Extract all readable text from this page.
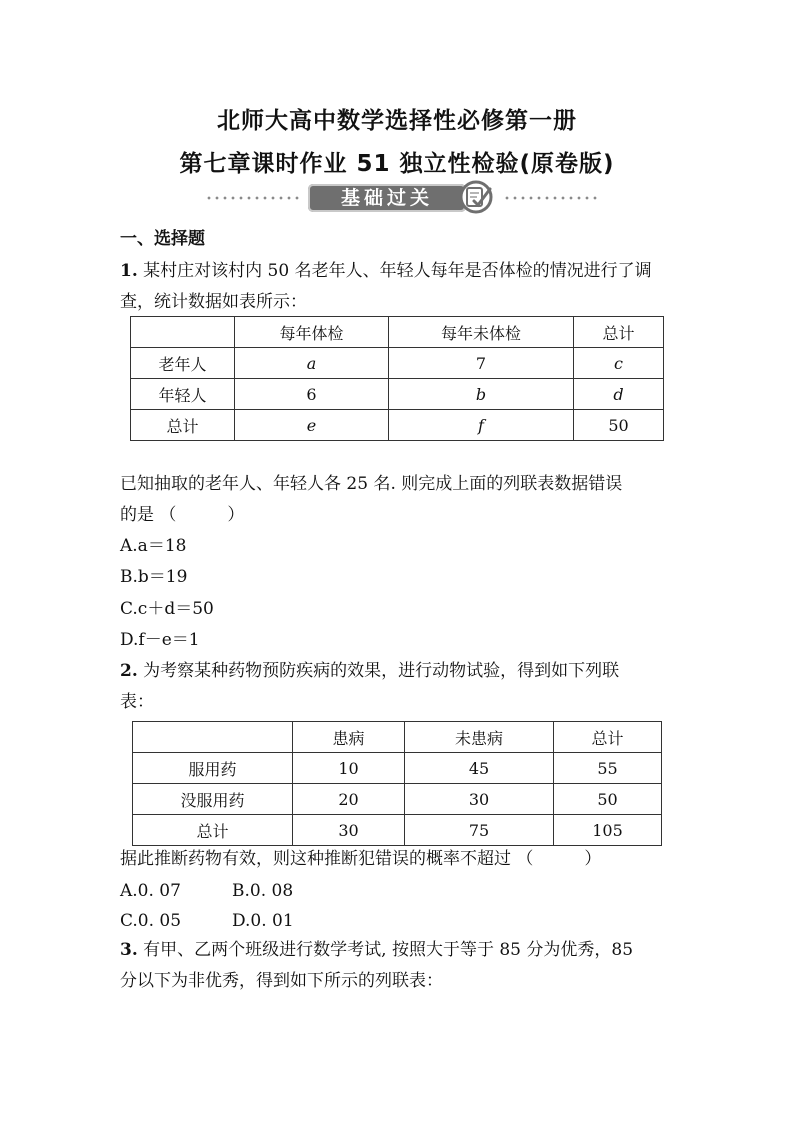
北师大高中数学选择性必修第一册
第七章课时作业 51 独立性检验(原卷版)
基础过关
一、选择题
1. 某村庄对该村内 50 名老年人、年轻人每年是否体检的情况进行了调查，统计数据如表所示：
	每年体检	每年未体检	总计
老年人	a	7	c
年轻人	6	b	d
总计	e	f	50
已知抽取的老年人、年轻人各 25 名. 则完成上面的列联表数据错误
的是 （　　　）
A.a＝18
B.b＝19
C.c＋d＝50
D.f－e＝1
2. 为考察某种药物预防疾病的效果，进行动物试验，得到如下列联
表：
	患病	未患病	总计
服用药	10	45	55
没服用药	20	30	50
总计	30	75	105
据此推断药物有效，则这种推断犯错误的概率不超过 （　　　）
A.0. 07	B.0. 08
C.0. 05	D.0. 01
3. 有甲、乙两个班级进行数学考试, 按照大于等于 85 分为优秀，85
分以下为非优秀，得到如下所示的列联表：
